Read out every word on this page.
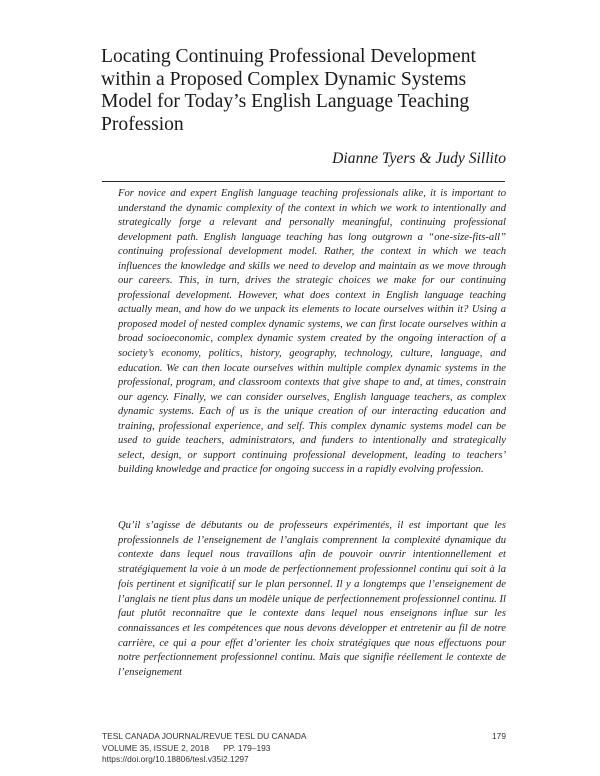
Locating Continuing Professional Development within a Proposed Complex Dynamic Systems Model for Today’s English Language Teaching Profession

Dianne Tyers & Judy Sillito

For novice and expert English language teaching professionals alike, it is important to understand the dynamic complexity of the context in which we work to intentionally and strategically forge a relevant and personally meaningful, continuing professional development path. English language teaching has long outgrown a “one-size-fits-all” continuing professional development model. Rather, the context in which we teach influences the knowledge and skills we need to develop and maintain as we move through our careers. This, in turn, drives the strategic choices we make for our continuing professional development. However, what does context in English language teaching actually mean, and how do we unpack its elements to locate ourselves within it? Using a proposed model of nested complex dynamic systems, we can first locate ourselves within a broad socioeconomic, complex dynamic system created by the ongoing interaction of a society’s economy, politics, history, geography, technology, culture, language, and education. We can then locate ourselves within multiple complex dynamic systems in the professional, program, and classroom contexts that give shape to and, at times, constrain our agency. Finally, we can consider ourselves, English language teachers, as complex dynamic systems. Each of us is the unique creation of our interacting education and training, professional experience, and self. This complex dynamic systems model can be used to guide teachers, administrators, and funders to intentionally and strategically select, design, or support continuing professional development, leading to teachers’ building knowledge and practice for ongoing success in a rapidly evolving profession.

Qu’il s’agisse de débutants ou de professeurs expérimentés, il est important que les professionnels de l’enseignement de l’anglais comprennent la complexité dynamique du contexte dans lequel nous travaillons afin de pouvoir ouvrir intentionnellement et stratégiquement la voie à un mode de perfectionnement professionnel continu qui soit à la fois pertinent et significatif sur le plan personnel. Il y a longtemps que l’enseignement de l’anglais ne tient plus dans un modèle unique de perfectionnement professionnel continu. Il faut plutôt reconnaître que le contexte dans lequel nous enseignons influe sur les connaissances et les compétences que nous devons développer et entretenir au fil de notre carrière, ce qui a pour effet d’orienter les choix stratégiques que nous effectuons pour notre perfectionnement professionnel continu. Mais que signifie réellement le contexte de l’enseignement

TESL CANADA JOURNAL/REVUE TESL DU CANADA
VOLUME 35, ISSUE 2, 2018 PP. 179–193
https://doi.org/10.18806/tesl.v35i2.1297
179
